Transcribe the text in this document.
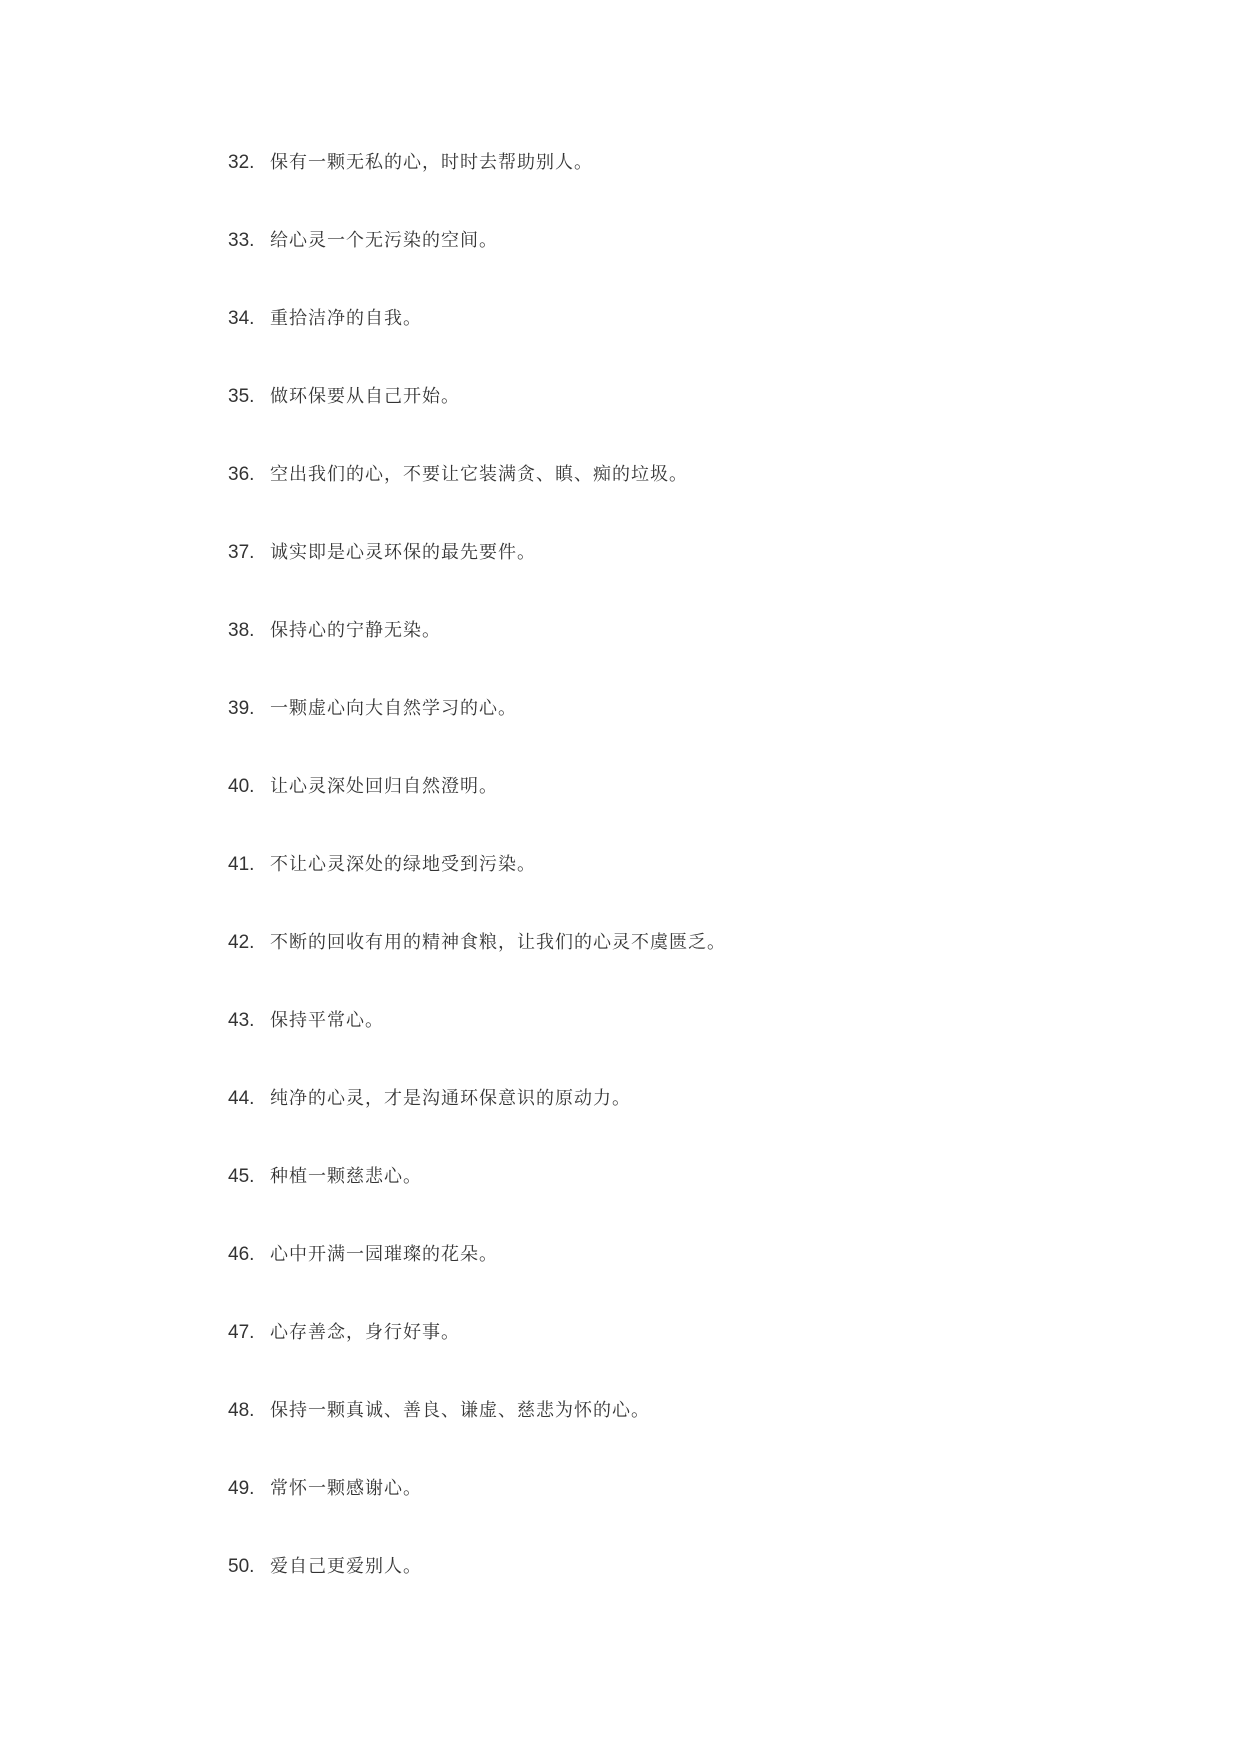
32. 保有一颗无私的心，时时去帮助别人。
33. 给心灵一个无污染的空间。
34. 重拾洁净的自我。
35. 做环保要从自己开始。
36. 空出我们的心，不要让它装满贪、瞋、痴的垃圾。
37. 诚实即是心灵环保的最先要件。
38. 保持心的宁静无染。
39. 一颗虚心向大自然学习的心。
40. 让心灵深处回归自然澄明。
41. 不让心灵深处的绿地受到污染。
42. 不断的回收有用的精神食粮，让我们的心灵不虞匮乏。
43. 保持平常心。
44. 纯净的心灵，才是沟通环保意识的原动力。
45. 种植一颗慈悲心。
46. 心中开满一园璀璨的花朵。
47. 心存善念，身行好事。
48. 保持一颗真诚、善良、谦虚、慈悲为怀的心。
49. 常怀一颗感谢心。
50. 爱自己更爱别人。
